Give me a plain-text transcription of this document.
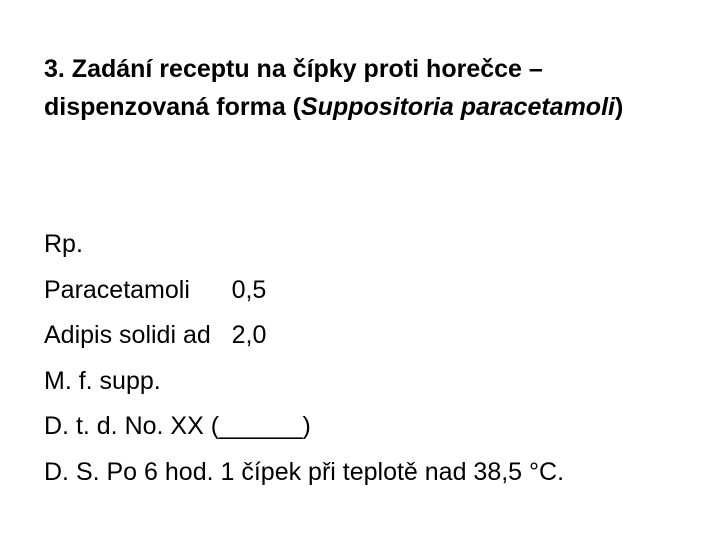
3. Zadání receptu na čípky proti horečce – dispenzovaná forma (Suppositoria paracetamoli)
Rp.
Paracetamoli      0,5
Adipis solidi ad   2,0
M. f. supp.
D. t. d. No. XX (______)
D. S. Po 6 hod. 1 čípek při teplotě nad 38,5 °C.
